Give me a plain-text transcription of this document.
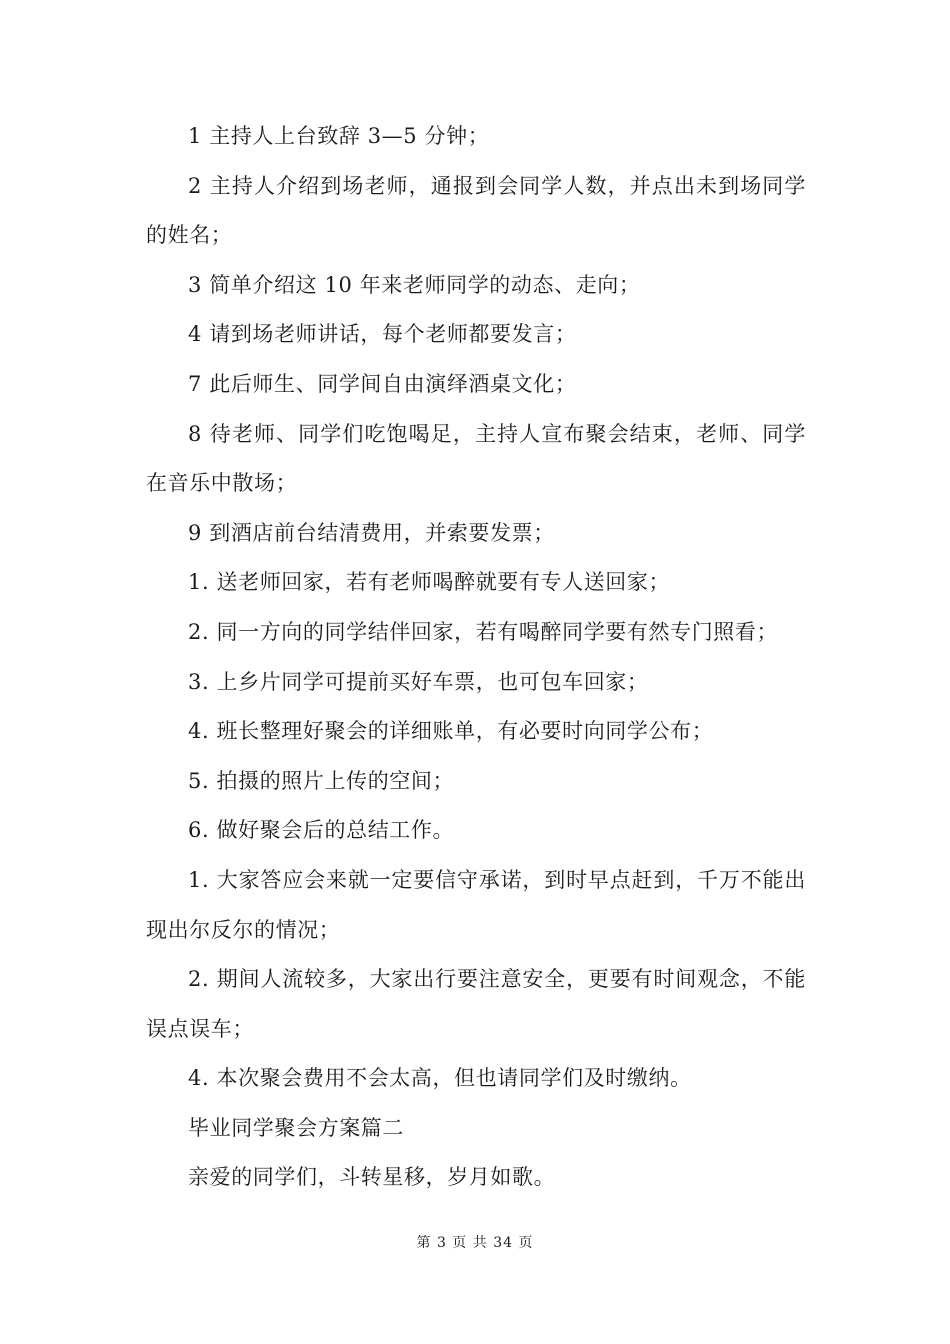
1 主持人上台致辞 3—5 分钟；

2 主持人介绍到场老师，通报到会同学人数，并点出未到场同学的姓名；

3 简单介绍这 10 年来老师同学的动态、走向；

4 请到场老师讲话，每个老师都要发言；

7 此后师生、同学间自由演绎酒桌文化；

8 待老师、同学们吃饱喝足，主持人宣布聚会结束，老师、同学在音乐中散场；

9 到酒店前台结清费用，并索要发票；

1. 送老师回家，若有老师喝醉就要有专人送回家；

2. 同一方向的同学结伴回家，若有喝醉同学要有然专门照看；

3. 上乡片同学可提前买好车票，也可包车回家；

4. 班长整理好聚会的详细账单，有必要时向同学公布；

5. 拍摄的照片上传的空间；

6. 做好聚会后的总结工作。

1. 大家答应会来就一定要信守承诺，到时早点赶到，千万不能出现出尔反尔的情况；

2. 期间人流较多，大家出行要注意安全，更要有时间观念，不能误点误车；

4. 本次聚会费用不会太高，但也请同学们及时缴纳。

毕业同学聚会方案篇二

亲爱的同学们，斗转星移，岁月如歌。

第 3 页 共 34 页
